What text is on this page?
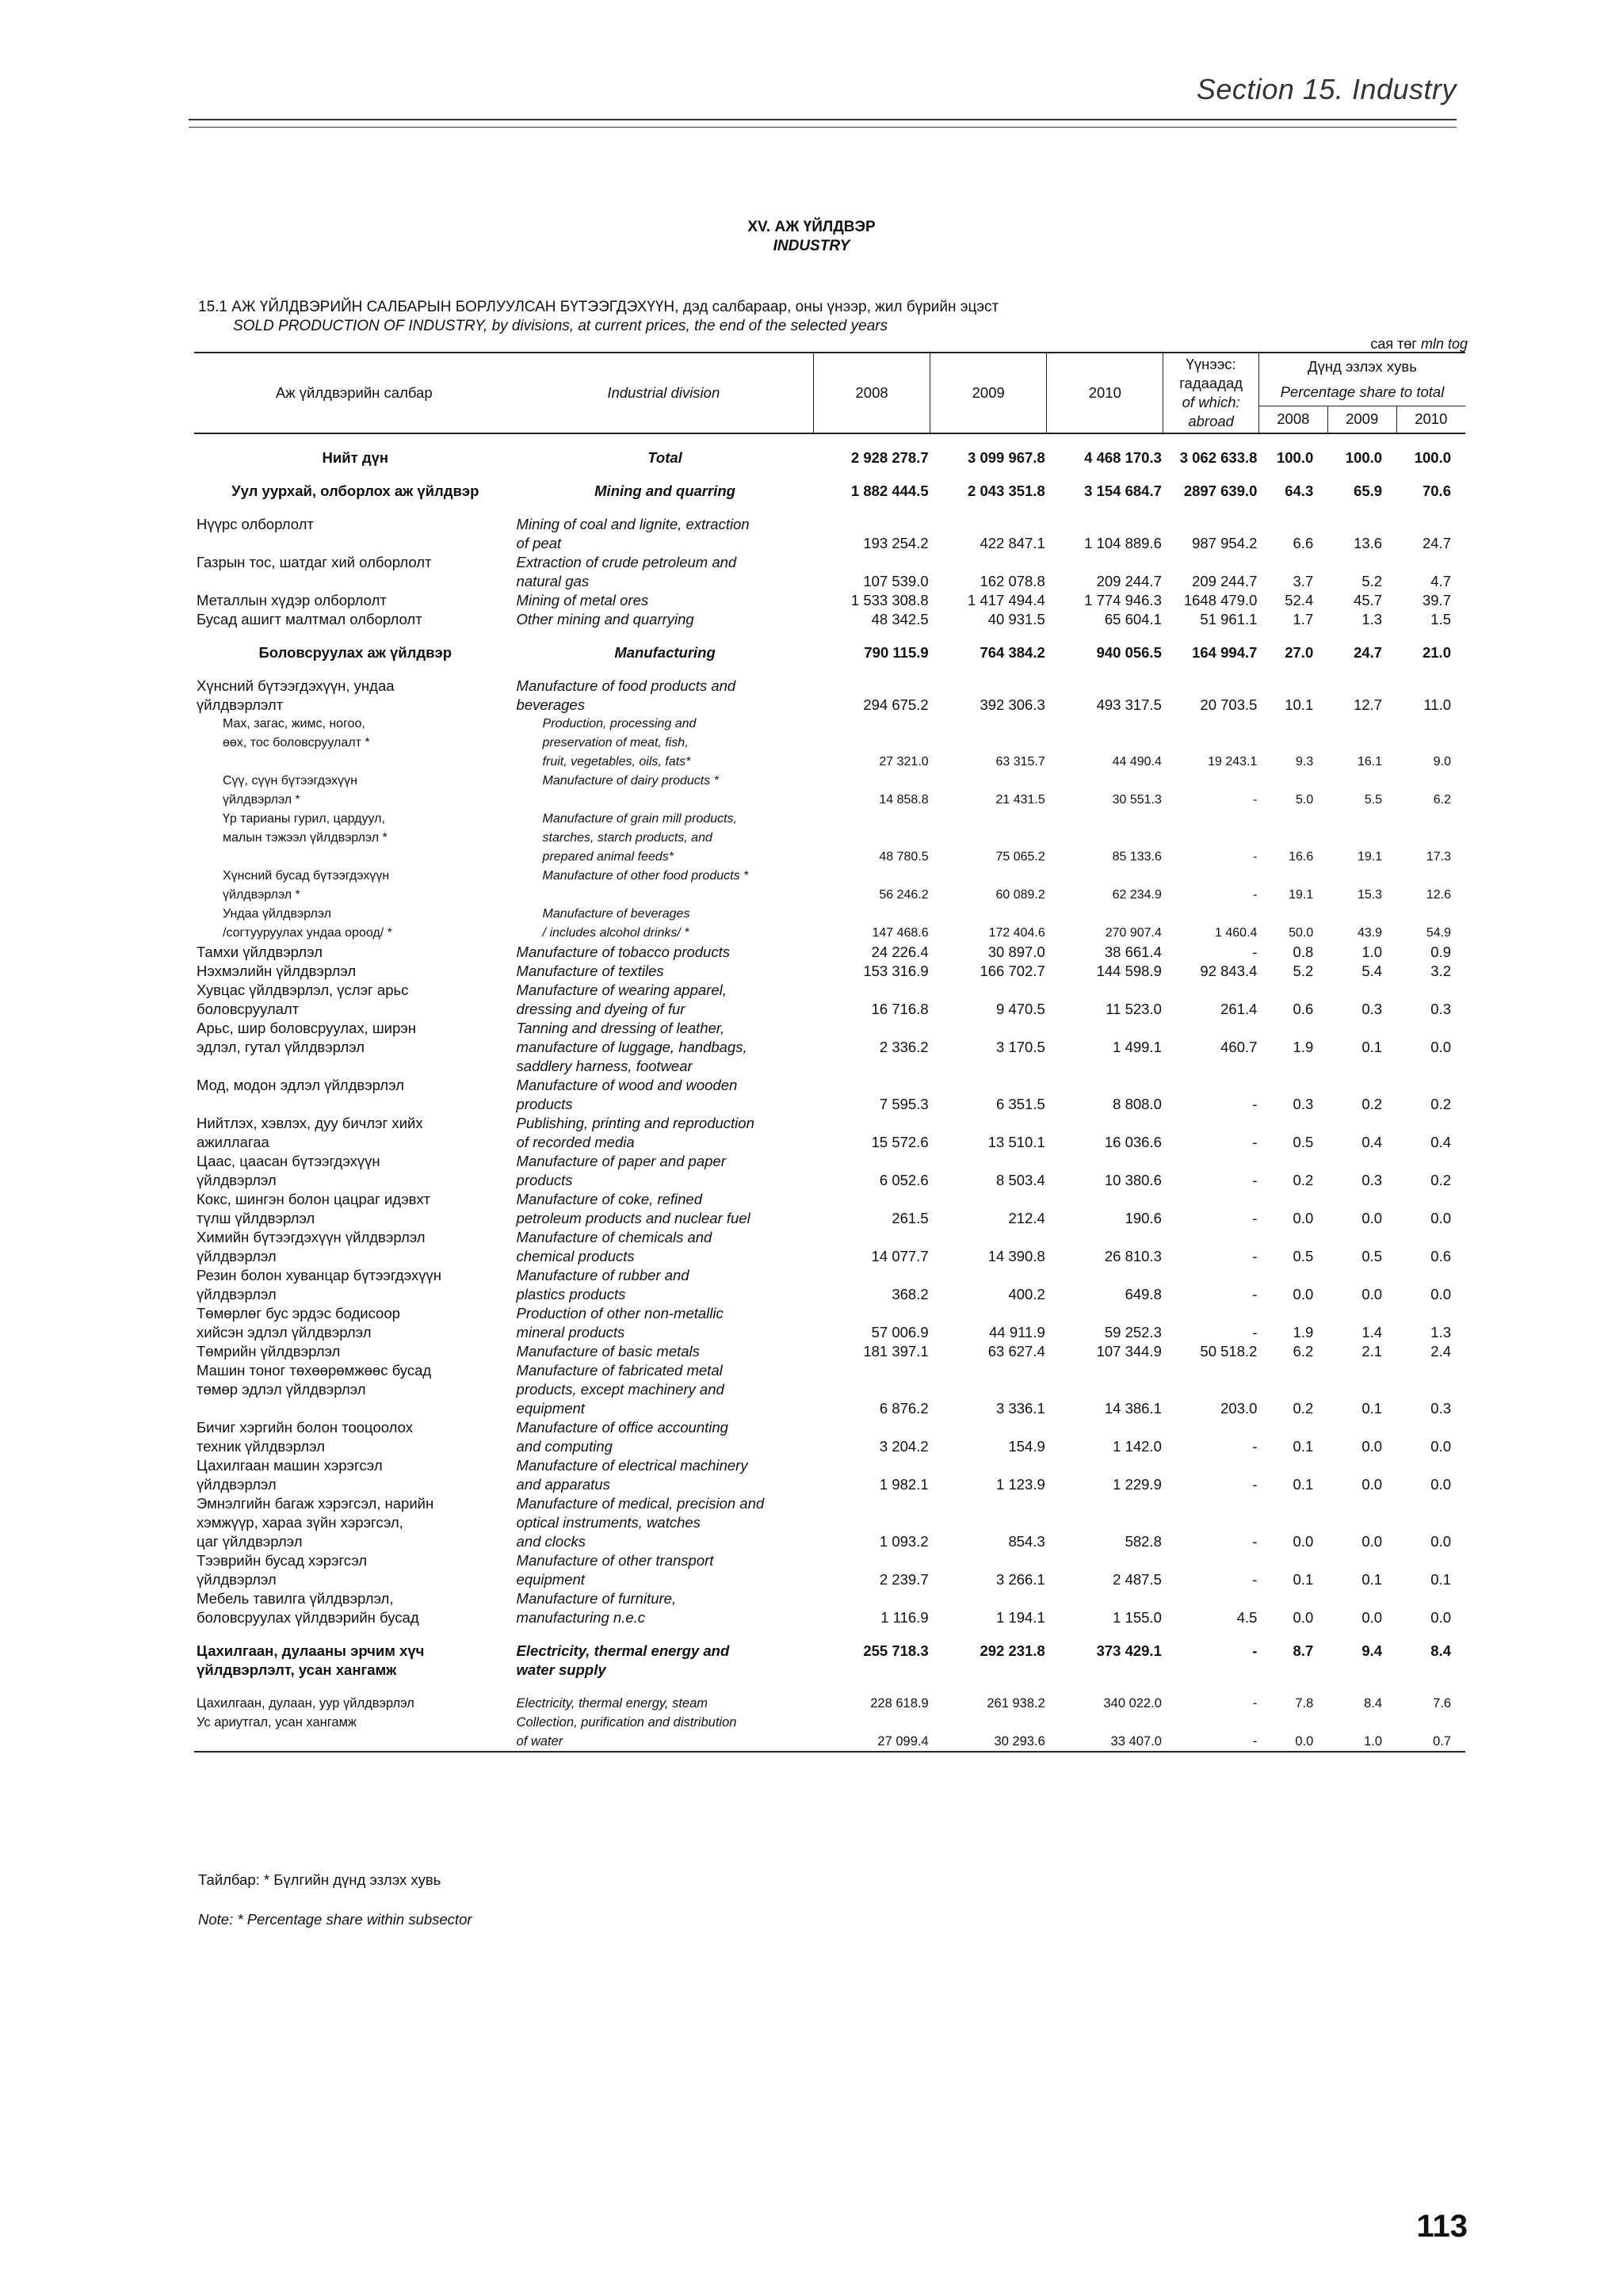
Section 15. Industry
XV. АЖ ҮЙЛДВЭР
INDUSTRY
15.1 АЖ ҮЙЛДВЭРИЙН САЛБАРЫН БОРЛУУЛСАН БҮТЭЭГДЭХҮҮН, дэд салбараар, оны үнээр, жил бүрийн эцэст
SOLD PRODUCTION OF INDUSTRY, by divisions, at current prices, the end of the selected years
сая төг mln tog
Аж үйлдвэрийн салбар	Industrial division	2008	2009	2010	Үүнээс:
гадаадад
of which:
abroad	Дүнд эзлэх хувь		
						Percentage share to total		
						2008	2009	2010

Нийт дүн	Total	2 928 278.7	3 099 967.8	4 468 170.3	3 062 633.8	100.0	100.0	100.0

Уул уурхай, олборлох аж үйлдвэр	Mining and quarring	1 882 444.5	2 043 351.8	3 154 684.7	2897 639.0	64.3	65.9	70.6

Нүүрс олборлолт	Mining of coal and lignite, extraction							
	of peat	193 254.2	422 847.1	1 104 889.6	987 954.2	6.6	13.6	24.7
Газрын тос, шатдаг хий олборлолт	Extraction of crude petroleum and							
	natural gas	107 539.0	162 078.8	209 244.7	209 244.7	3.7	5.2	4.7
Металлын хүдэр олборлолт	Mining of metal ores	1 533 308.8	1 417 494.4	1 774 946.3	1648 479.0	52.4	45.7	39.7
Бусад ашигт малтмал олборлолт	Other mining and quarrying	48 342.5	40 931.5	65 604.1	51 961.1	1.7	1.3	1.5

Боловсруулах аж үйлдвэр	Manufacturing	790 115.9	764 384.2	940 056.5	164 994.7	27.0	24.7	21.0

Хүнсний бүтээгдэхүүн, ундаа	Manufacture of food products and							
үйлдвэрлэлт	beverages	294 675.2	392 306.3	493 317.5	20 703.5	10.1	12.7	11.0
Мах, загас, жимс, ногоо,	Production, processing and							
өөх, тос боловсруулалт *	preservation of meat, fish,							
	fruit, vegetables, oils, fats*	27 321.0	63 315.7	44 490.4	19 243.1	9.3	16.1	9.0
Сүү, сүүн бүтээгдэхүүн	Manufacture of dairy products *							
үйлдвэрлэл *		14 858.8	21 431.5	30 551.3	-	5.0	5.5	6.2
Үр тарианы гурил, цардуул,	Manufacture of grain mill products,							
малын тэжээл үйлдвэрлэл *	starches, starch products, and							
	prepared animal feeds*	48 780.5	75 065.2	85 133.6	-	16.6	19.1	17.3
Хүнсний бусад бүтээгдэхүүн	Manufacture of other food products *							
үйлдвэрлэл *		56 246.2	60 089.2	62 234.9	-	19.1	15.3	12.6
Ундаа үйлдвэрлэл	Manufacture of beverages							
/согтууруулах ундаа ороод/ *	/ includes alcohol drinks/ *	147 468.6	172 404.6	270 907.4	1 460.4	50.0	43.9	54.9
Тамхи үйлдвэрлэл	Manufacture of tobacco products	24 226.4	30 897.0	38 661.4	-	0.8	1.0	0.9
Нэхмэлийн үйлдвэрлэл	Manufacture of textiles	153 316.9	166 702.7	144 598.9	92 843.4	5.2	5.4	3.2
Хувцас үйлдвэрлэл, үслэг арьс	Manufacture of wearing apparel,							
боловсруулалт	dressing and dyeing of fur	16 716.8	9 470.5	11 523.0	261.4	0.6	0.3	0.3
Арьс, шир боловсруулах, ширэн	Tanning and dressing of leather,							
эдлэл, гутал үйлдвэрлэл	manufacture of luggage, handbags,	2 336.2	3 170.5	1 499.1	460.7	1.9	0.1	0.0
	saddlery harness, footwear							
Мод, модон эдлэл үйлдвэрлэл	Manufacture of wood and wooden							
	products	7 595.3	6 351.5	8 808.0	-	0.3	0.2	0.2
Нийтлэх, хэвлэх, дуу бичлэг хийх	Publishing, printing and reproduction							
ажиллагаа	of recorded media	15 572.6	13 510.1	16 036.6	-	0.5	0.4	0.4
Цаас, цаасан бүтээгдэхүүн	Manufacture of paper and paper							
үйлдвэрлэл	products	6 052.6	8 503.4	10 380.6	-	0.2	0.3	0.2
Кокс, шингэн болон цацраг идэвхт	Manufacture of coke, refined							
түлш үйлдвэрлэл	petroleum products and nuclear fuel	261.5	212.4	190.6	-	0.0	0.0	0.0
Химийн бүтээгдэхүүн үйлдвэрлэл	Manufacture of chemicals and							
үйлдвэрлэл	chemical products	14 077.7	14 390.8	26 810.3	-	0.5	0.5	0.6
Резин болон хуванцар бүтээгдэхүүн	Manufacture of rubber and							
үйлдвэрлэл	plastics products	368.2	400.2	649.8	-	0.0	0.0	0.0
Төмөрлөг бус эрдэс бодисоор	Production of other non-metallic							
хийсэн эдлэл үйлдвэрлэл	mineral products	57 006.9	44 911.9	59 252.3	-	1.9	1.4	1.3
Төмрийн үйлдвэрлэл	Manufacture of basic metals	181 397.1	63 627.4	107 344.9	50 518.2	6.2	2.1	2.4
Машин тоног төхөөрөмжөөс бусад	Manufacture of fabricated metal							
төмөр эдлэл үйлдвэрлэл	products, except machinery and							
	equipment	6 876.2	3 336.1	14 386.1	203.0	0.2	0.1	0.3
Бичиг хэргийн болон тооцоолох	Manufacture of office accounting							
техник үйлдвэрлэл	and computing	3 204.2	154.9	1 142.0	-	0.1	0.0	0.0
Цахилгаан машин хэрэгсэл	Manufacture of electrical machinery							
үйлдвэрлэл	and apparatus	1 982.1	1 123.9	1 229.9	-	0.1	0.0	0.0
Эмнэлгийн багаж хэрэгсэл, нарийн	Manufacture of medical, precision and							
хэмжүүр, хараа зүйн хэрэгсэл,	optical instruments, watches							
цаг үйлдвэрлэл	and clocks	1 093.2	854.3	582.8	-	0.0	0.0	0.0
Тээврийн бусад хэрэгсэл	Manufacture of other transport							
үйлдвэрлэл	equipment	2 239.7	3 266.1	2 487.5	-	0.1	0.1	0.1
Мебель тавилга үйлдвэрлэл,	Manufacture of furniture,							
боловсруулах үйлдвэрийн бусад	manufacturing n.e.c	1 116.9	1 194.1	1 155.0	4.5	0.0	0.0	0.0

Цахилгаан, дулааны эрчим хүч	Electricity, thermal energy and	255 718.3	292 231.8	373 429.1	-	8.7	9.4	8.4
үйлдвэрлэлт, усан хангамж	water supply							

Цахилгаан, дулаан, уур үйлдвэрлэл	Electricity, thermal energy, steam	228 618.9	261 938.2	340 022.0	-	7.8	8.4	7.6
Ус ариутгал, усан хангамж	Collection, purification and distribution							
	of water	27 099.4	30 293.6	33 407.0	-	0.0	1.0	0.7
Тайлбар: * Бүлгийн дүнд эзлэх хувь
Note: * Percentage share within subsector
113
